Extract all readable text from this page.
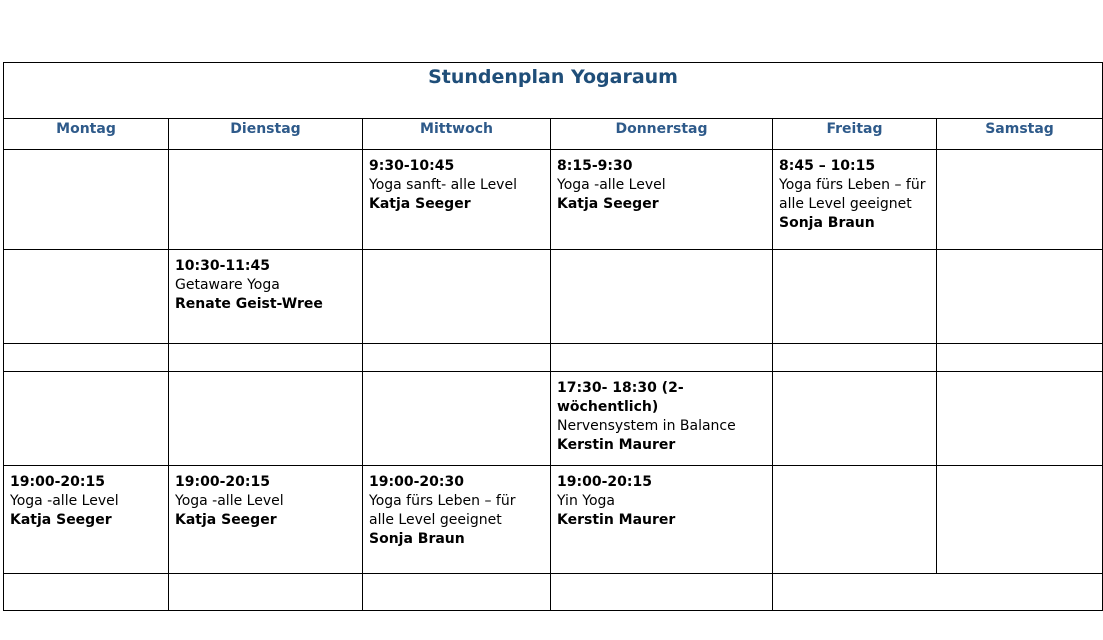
Stundenplan Yogaraum					

Montag	Dienstag	Mittwoch	Donnerstag	Freitag	Samstag

		9:30-10:45
Yoga sanft- alle Level
Katja Seeger	8:15-9:30
Yoga -alle Level
Katja Seeger	8:45 – 10:15
Yoga fürs Leben – für alle Level geeignet
Sonja Braun	

	10:30-11:45
Getaware Yoga
Renate Geist-Wree				

			17:30- 18:30 (2-wöchentlich)
Nervensystem in Balance
Kerstin Maurer		

19:00-20:15
Yoga -alle Level
Katja Seeger	19:00-20:15
Yoga -alle Level
Katja Seeger	19:00-20:30
Yoga fürs Leben – für alle Level geeignet
Sonja Braun	19:00-20:15
Yin Yoga
Kerstin Maurer		
